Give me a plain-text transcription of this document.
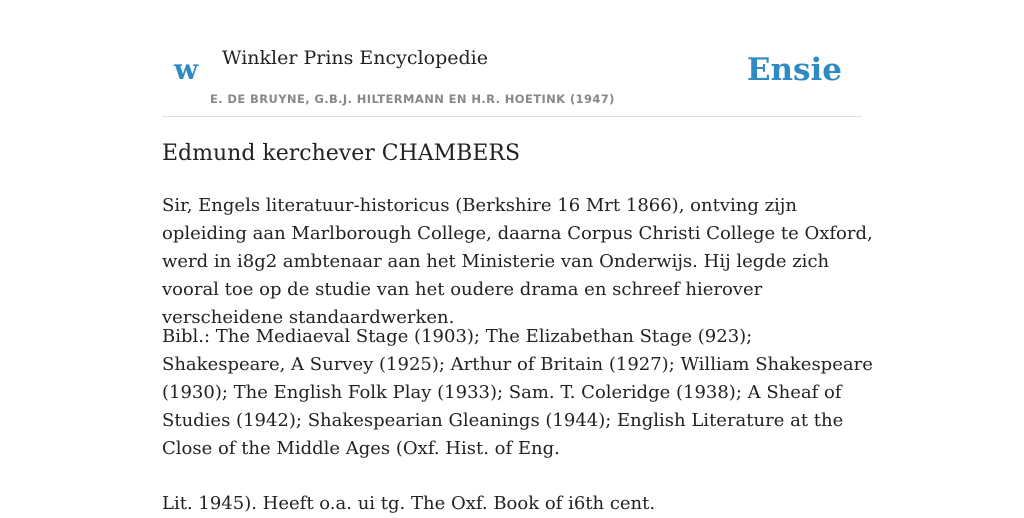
w Winkler Prins Encyclopedie
E. DE BRUYNE, G.B.J. HILTERMANN EN H.R. HOETINK (1947)
Ensie
Edmund kerchever CHAMBERS

Sir, Engels literatuur-historicus (Berkshire 16 Mrt 1866), ontving zijn opleiding aan Marlborough College, daarna Corpus Christi College te Oxford, werd in i8g2 ambtenaar aan het Ministerie van Onderwijs. Hij legde zich vooral toe op de studie van het oudere drama en schreef hierover verscheidene standaardwerken.

Bibl.: The Mediaeval Stage (1903); The Elizabethan Stage (923); Shakespeare, A Survey (1925); Arthur of Britain (1927); William Shakespeare (1930); The English Folk Play (1933); Sam. T. Coleridge (1938); A Sheaf of Studies (1942); Shakespearian Gleanings (1944); English Literature at the Close of the Middle Ages (Oxf. Hist. of Eng.

Lit. 1945). Heeft o.a. ui tg. The Oxf. Book of i6th cent.
